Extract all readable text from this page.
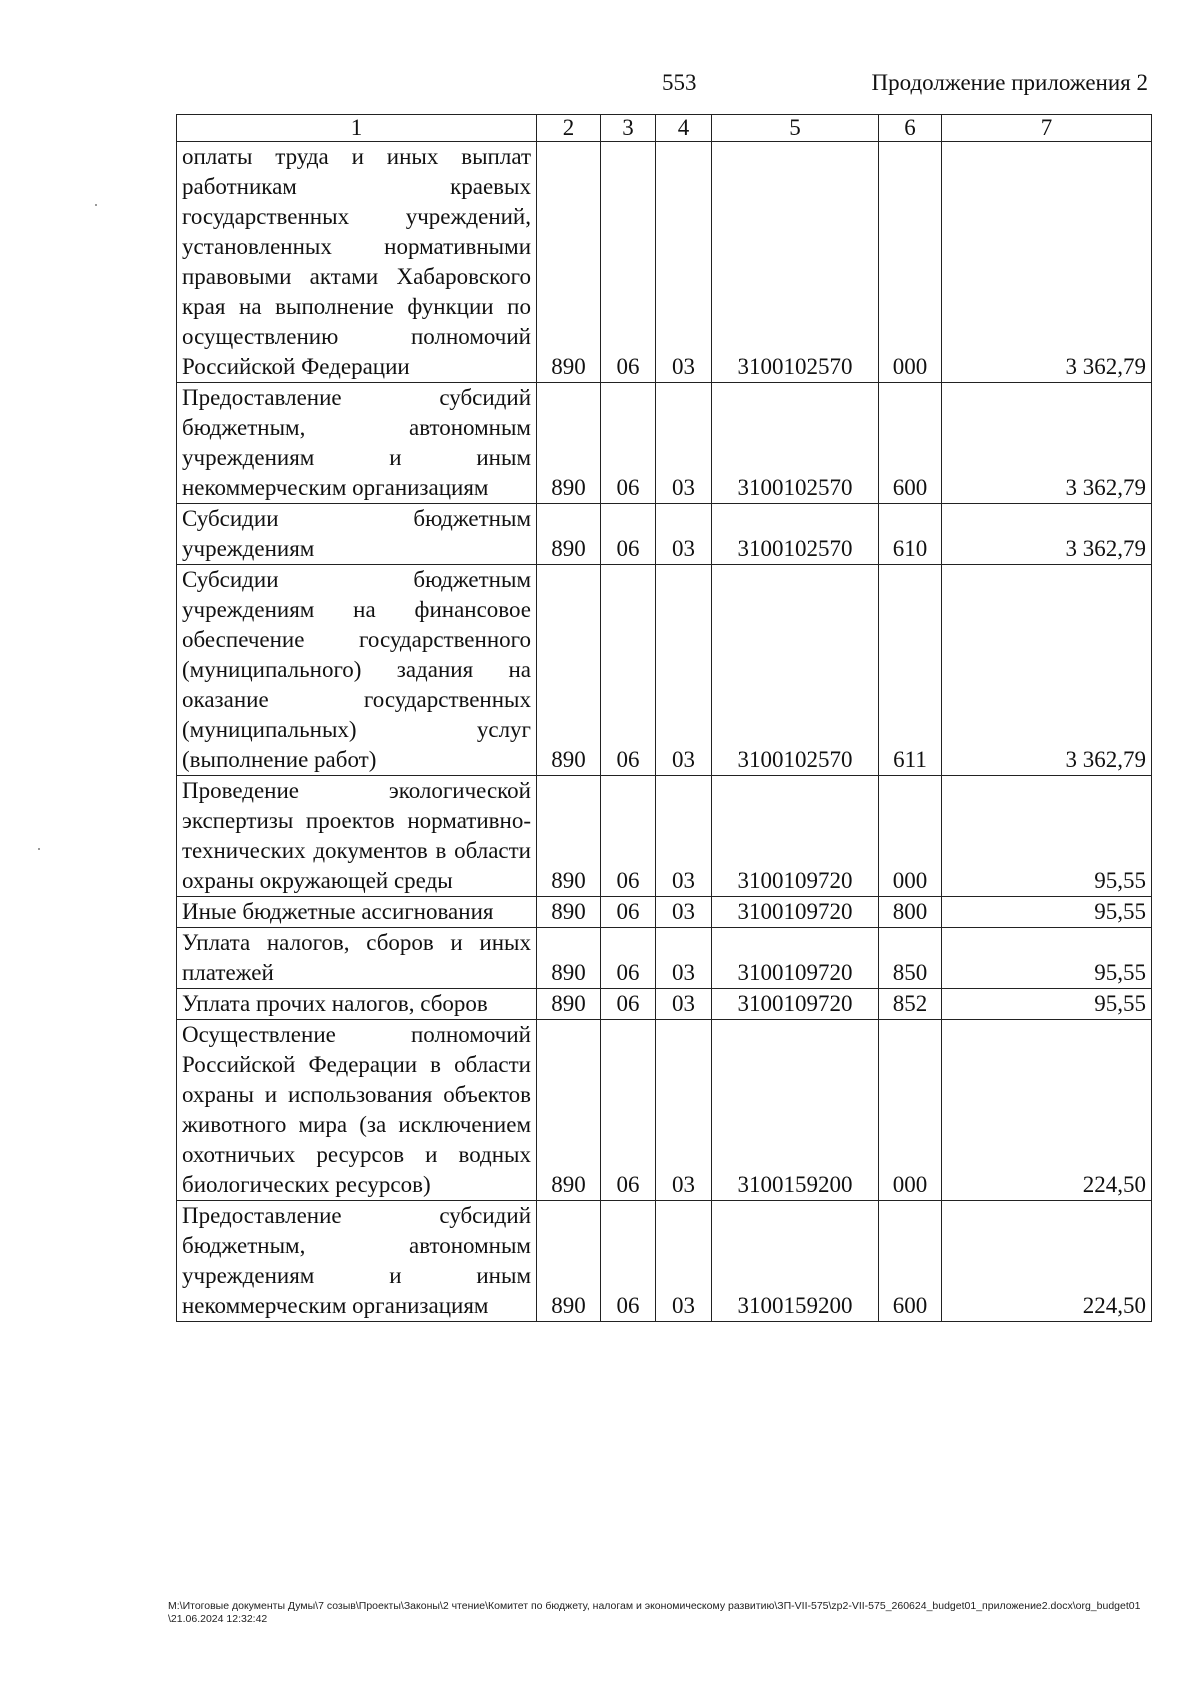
553	Продолжение приложения 2
1	2	3	4	5	6	7
оплаты труда и иных выплат работникам краевых государственных учреждений, установленных нормативными правовыми актами Хабаровского края на выполнение функции по осуществлению полномочий Российской Федерации	890	06	03	3100102570	000	3 362,79
Предоставление субсидий бюджетным, автономным учреждениям и иным некоммерческим организациям	890	06	03	3100102570	600	3 362,79
Субсидии бюджетным учреждениям	890	06	03	3100102570	610	3 362,79
Субсидии бюджетным учреждениям на финансовое обеспечение государственного (муниципального) задания на оказание государственных (муниципальных) услуг (выполнение работ)	890	06	03	3100102570	611	3 362,79
Проведение экологической экспертизы проектов нормативно-технических документов в области охраны окружающей среды	890	06	03	3100109720	000	95,55
Иные бюджетные ассигнования	890	06	03	3100109720	800	95,55
Уплата налогов, сборов и иных платежей	890	06	03	3100109720	850	95,55
Уплата прочих налогов, сборов	890	06	03	3100109720	852	95,55
Осуществление полномочий Российской Федерации в области охраны и использования объектов животного мира (за исключением охотничьих ресурсов и водных биологических ресурсов)	890	06	03	3100159200	000	224,50
Предоставление субсидий бюджетным, автономным учреждениям и иным некоммерческим организациям	890	06	03	3100159200	600	224,50
М:\Итоговые документы Думы\7 созыв\Проекты\Законы\2 чтение\Комитет по бюджету, налогам и экономическому развитию\ЗП-VII-575\zp2-VII-575_260624_budget01_приложение2.docx\org_budget01\21.06.2024 12:32:42
